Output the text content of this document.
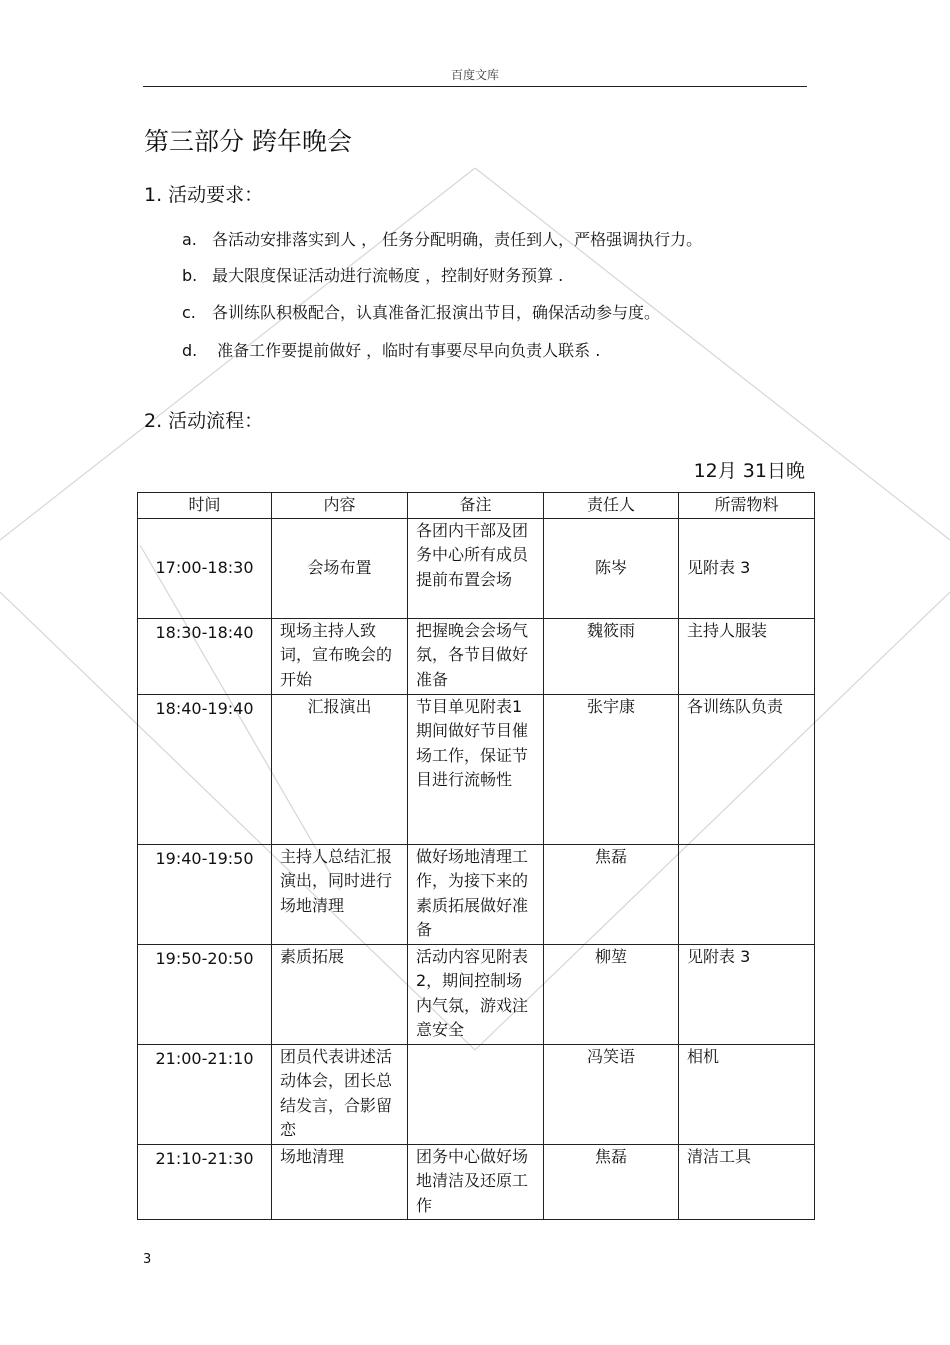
百度文库
第三部分 跨年晚会
1. 活动要求：
a. 各活动安排落实到人 ， 任务分配明确，责任到人，严格强调执行力。
b. 最大限度保证活动进行流畅度 ，控制好财务预算 .
c. 各训练队积极配合，认真准备汇报演出节目，确保活动参与度。
d. 准备工作要提前做好 ，临时有事要尽早向负责人联系 .
2. 活动流程：
12月 31日晚
时间	内容	备注	责任人	所需物料
17:00-18:30	会场布置	各团内干部及团务中心所有成员提前布置会场	陈岑	见附表 3
18:30-18:40	现场主持人致词，宣布晚会的开始	把握晚会会场气氛，各节目做好准备	魏筱雨	主持人服装
18:40-19:40	汇报演出	节目单见附表1期间做好节目催场工作，保证节目进行流畅性	张宇康	各训练队负责
19:40-19:50	主持人总结汇报演出，同时进行场地清理	做好场地清理工作，为接下来的素质拓展做好准备	焦磊	
19:50-20:50	素质拓展	活动内容见附表 2，期间控制场内气氛，游戏注意安全	柳堃	见附表 3
21:00-21:10	团员代表讲述活动体会，团长总结发言，合影留恋		冯笑语	相机
21:10-21:30	场地清理	团务中心做好场地清洁及还原工作	焦磊	清洁工具
3
